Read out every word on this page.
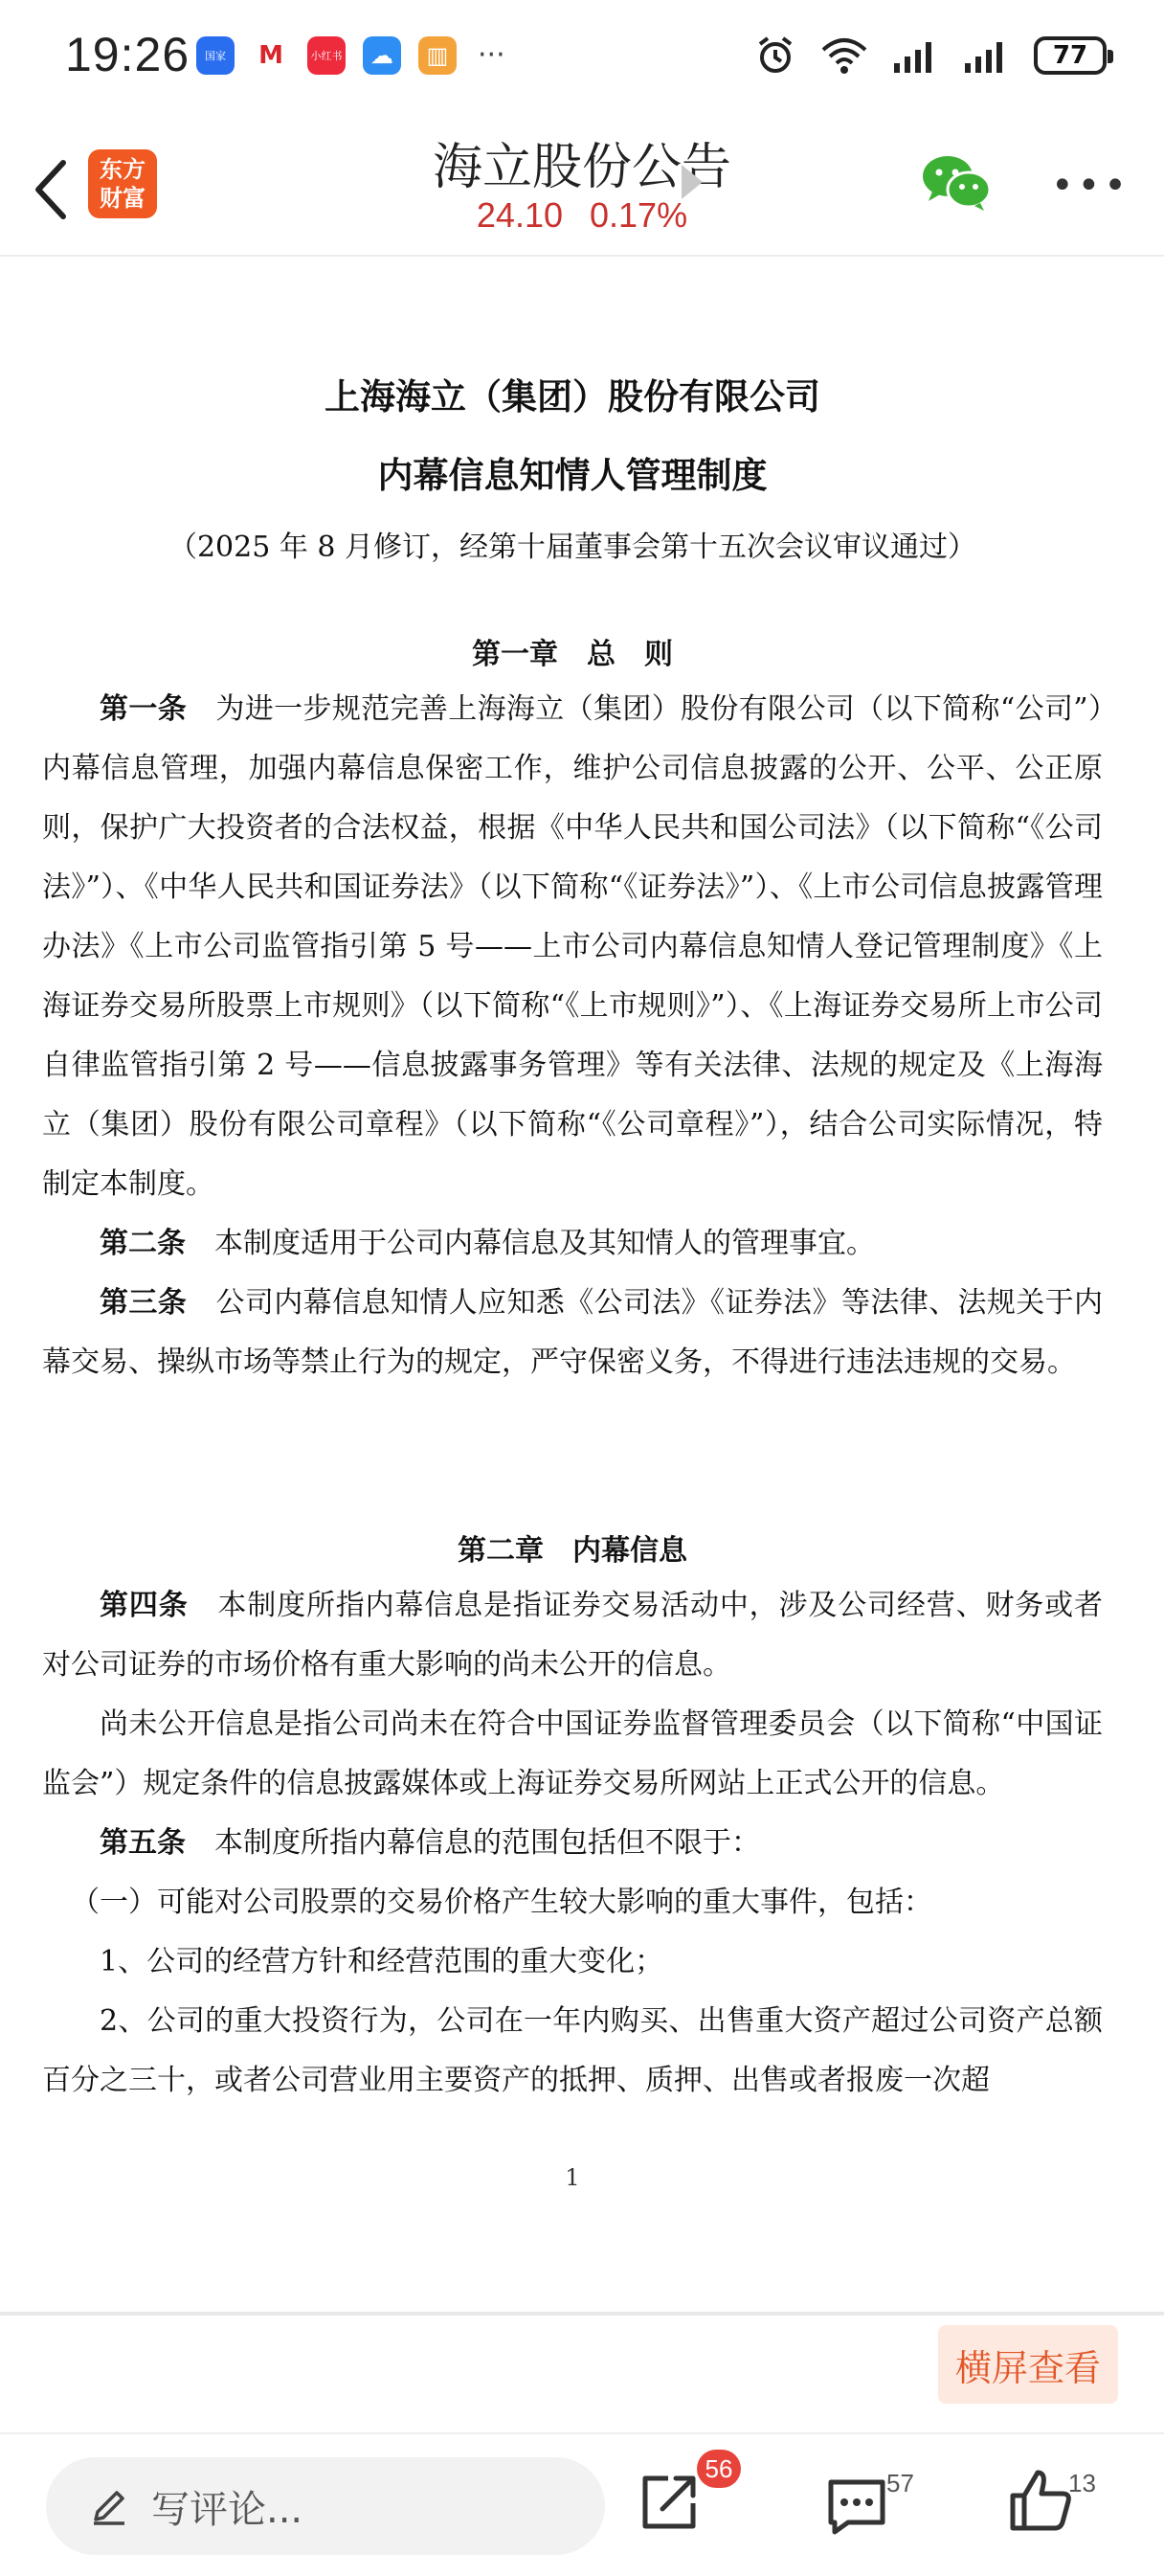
19:26	国家	M	小红书	☁	▥ ···	77
东方
财富
海立股份公告
24.10 0.17%
•••
上海海立（集团）股份有限公司
内幕信息知情人管理制度
（2025 年 8 月修订，经第十届董事会第十五次会议审议通过）
第一章　总　则
第一条　为进一步规范完善上海海立（集团）股份有限公司（以下简称“公司”）内幕信息管理，加强内幕信息保密工作，维护公司信息披露的公开、公平、公正原则，保护广大投资者的合法权益，根据《中华人民共和国公司法》（以下简称“《公司法》”）、《中华人民共和国证券法》（以下简称“《证券法》”）、《上市公司信息披露管理办法》《上市公司监管指引第 5 号——上市公司内幕信息知情人登记管理制度》《上海证券交易所股票上市规则》（以下简称“《上市规则》”）、《上海证券交易所上市公司自律监管指引第 2 号——信息披露事务管理》等有关法律、法规的规定及《上海海立（集团）股份有限公司章程》（以下简称“《公司章程》”），结合公司实际情况，特制定本制度。
第二条　本制度适用于公司内幕信息及其知情人的管理事宜。
第三条　公司内幕信息知情人应知悉《公司法》《证券法》等法律、法规关于内幕交易、操纵市场等禁止行为的规定，严守保密义务，不得进行违法违规的交易。
第二章　内幕信息
第四条　本制度所指内幕信息是指证券交易活动中，涉及公司经营、财务或者对公司证券的市场价格有重大影响的尚未公开的信息。
尚未公开信息是指公司尚未在符合中国证券监督管理委员会（以下简称“中国证监会”）规定条件的信息披露媒体或上海证券交易所网站上正式公开的信息。
第五条　本制度所指内幕信息的范围包括但不限于：
（一）可能对公司股票的交易价格产生较大影响的重大事件，包括：
1、公司的经营方针和经营范围的重大变化；
2、公司的重大投资行为，公司在一年内购买、出售重大资产超过公司资产总额百分之三十，或者公司营业用主要资产的抵押、质押、出售或者报废一次超
1
横屏查看
写评论...
56	57	13
